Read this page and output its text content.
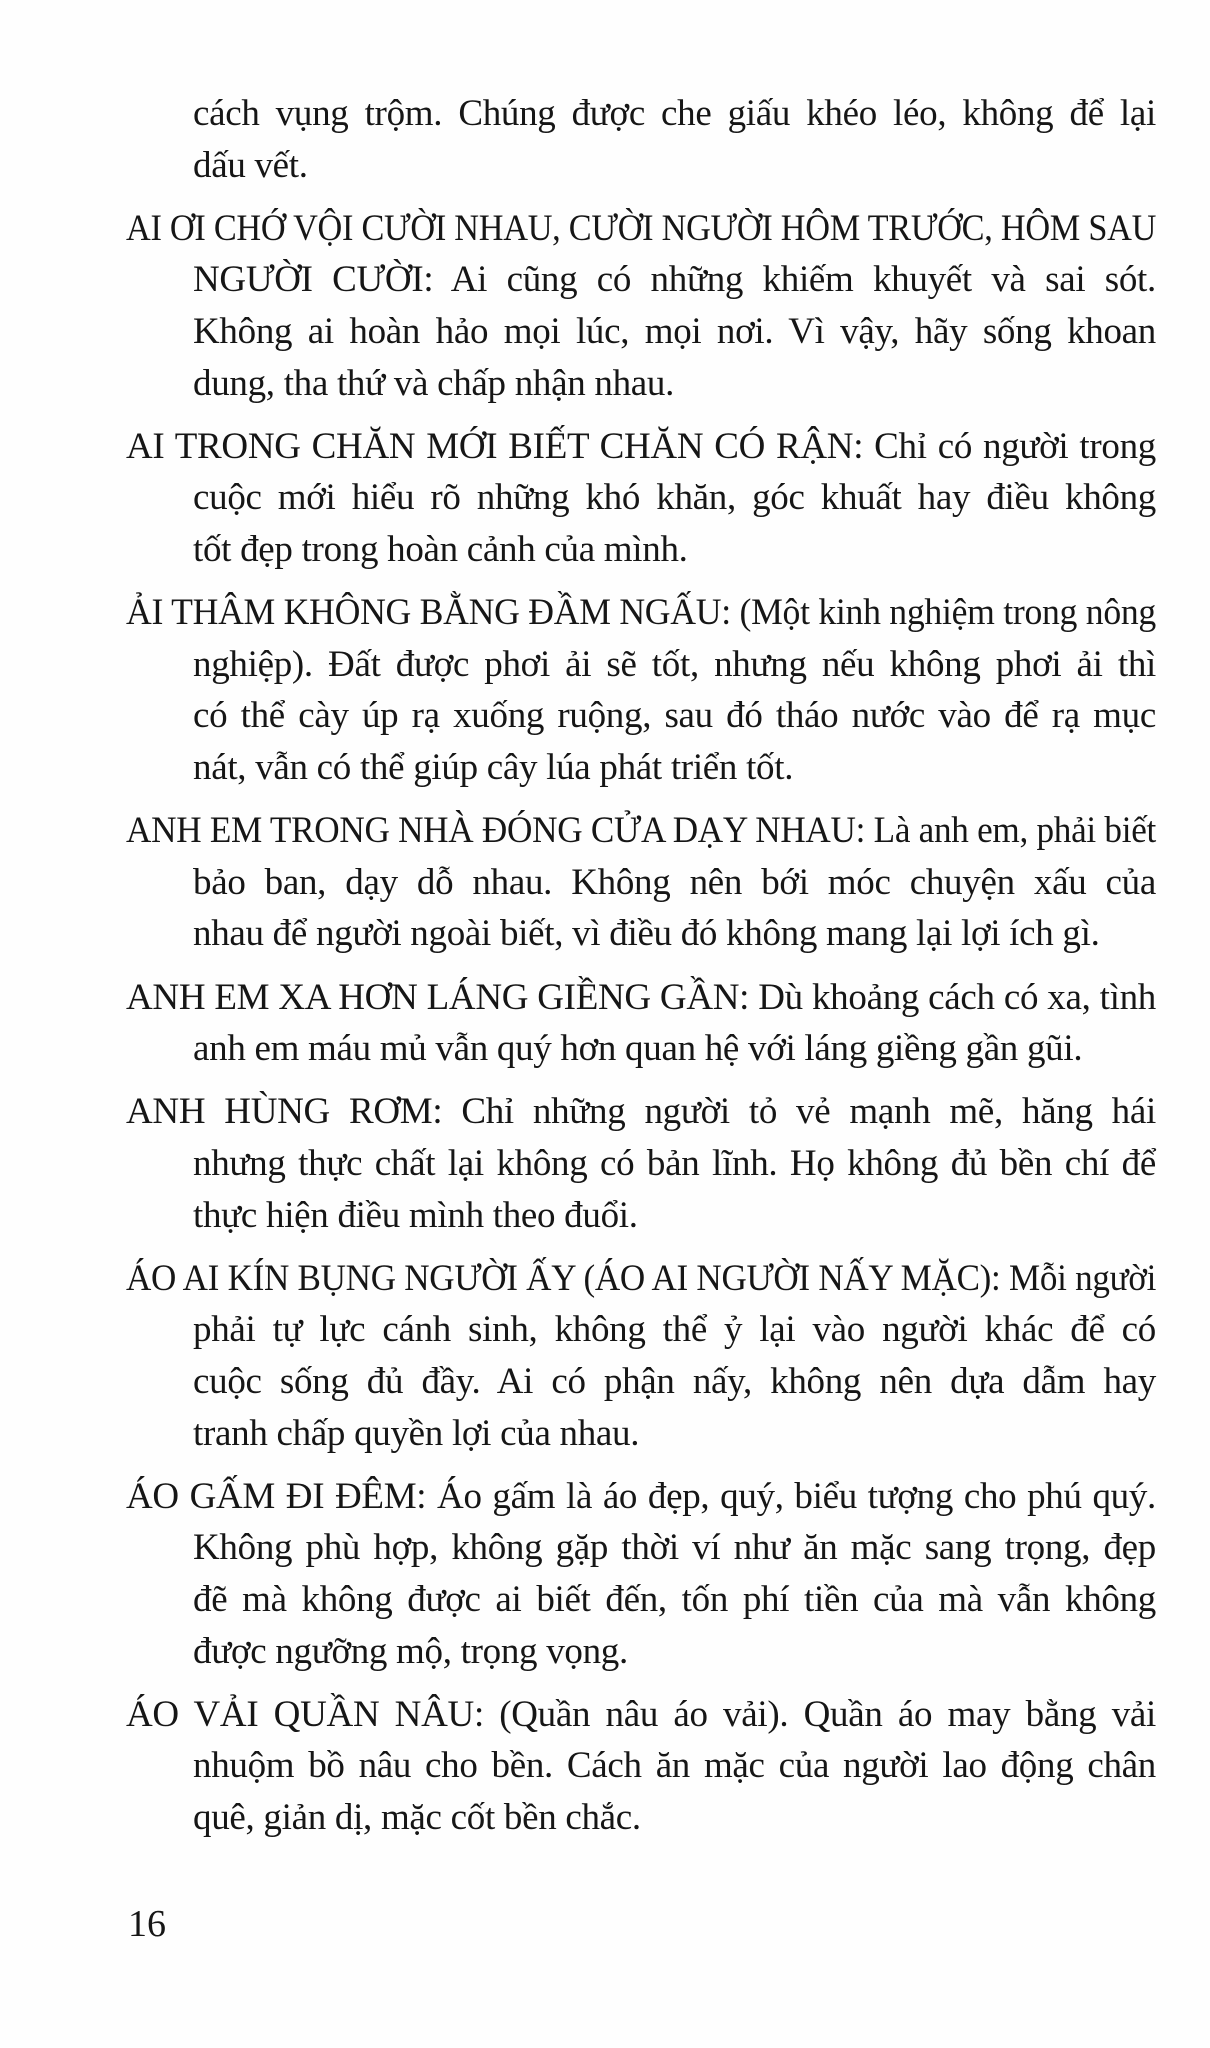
cách vụng trộm. Chúng được che giấu khéo léo, không để lại
dấu vết.
AI ƠI CHỚ VỘI CƯỜI NHAU, CƯỜI NGƯỜI HÔM TRƯỚC, HÔM SAU
NGƯỜI CƯỜI: Ai cũng có những khiếm khuyết và sai sót.
Không ai hoàn hảo mọi lúc, mọi nơi. Vì vậy, hãy sống khoan
dung, tha thứ và chấp nhận nhau.
AI TRONG CHĂN MỚI BIẾT CHĂN CÓ RẬN: Chỉ có người trong
cuộc mới hiểu rõ những khó khăn, góc khuất hay điều không
tốt đẹp trong hoàn cảnh của mình.
ẢI THÂM KHÔNG BẰNG ĐẦM NGẤU: (Một kinh nghiệm trong nông
nghiệp). Đất được phơi ải sẽ tốt, nhưng nếu không phơi ải thì
có thể cày úp rạ xuống ruộng, sau đó tháo nước vào để rạ mục
nát, vẫn có thể giúp cây lúa phát triển tốt.
ANH EM TRONG NHÀ ĐÓNG CỬA DẠY NHAU: Là anh em, phải biết
bảo ban, dạy dỗ nhau. Không nên bới móc chuyện xấu của
nhau để người ngoài biết, vì điều đó không mang lại lợi ích gì.
ANH EM XA HƠN LÁNG GIỀNG GẦN: Dù khoảng cách có xa, tình
anh em máu mủ vẫn quý hơn quan hệ với láng giềng gần gũi.
ANH HÙNG RƠM: Chỉ những người tỏ vẻ mạnh mẽ, hăng hái
nhưng thực chất lại không có bản lĩnh. Họ không đủ bền chí để
thực hiện điều mình theo đuổi.
ÁO AI KÍN BỤNG NGƯỜI ẤY (ÁO AI NGƯỜI NẤY MẶC): Mỗi người
phải tự lực cánh sinh, không thể ỷ lại vào người khác để có
cuộc sống đủ đầy. Ai có phận nấy, không nên dựa dẫm hay
tranh chấp quyền lợi của nhau.
ÁO GẤM ĐI ĐÊM: Áo gấm là áo đẹp, quý, biểu tượng cho phú quý.
Không phù hợp, không gặp thời ví như ăn mặc sang trọng, đẹp
đẽ mà không được ai biết đến, tốn phí tiền của mà vẫn không
được ngưỡng mộ, trọng vọng.
ÁO VẢI QUẦN NÂU: (Quần nâu áo vải). Quần áo may bằng vải
nhuộm bồ nâu cho bền. Cách ăn mặc của người lao động chân
quê, giản dị, mặc cốt bền chắc.
16
